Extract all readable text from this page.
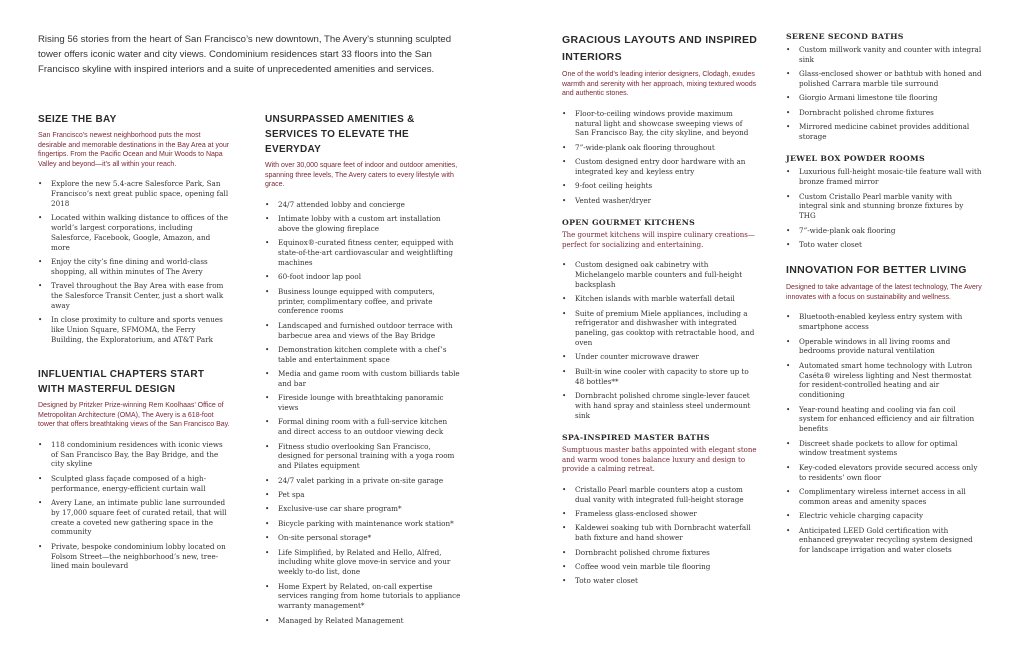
Rising 56 stories from the heart of San Francisco’s new downtown, The Avery’s stunning sculpted tower offers iconic water and city views. Condominium residences start 33 floors into the San Francisco skyline with inspired interiors and a suite of unprecedented amenities and services.

SEIZE THE BAY

San Francisco’s newest neighborhood puts the most desirable and memorable destinations in the Bay Area at your fingertips. From the Pacific Ocean and Muir Woods to Napa Valley and beyond—it’s all within your reach.

• Explore the new 5.4-acre Salesforce Park, San Francisco’s next great public space, opening fall 2018
• Located within walking distance to offices of the world’s largest corporations, including Salesforce, Facebook, Google, Amazon, and more
• Enjoy the city’s fine dining and world-class shopping, all within minutes of The Avery
• Travel throughout the Bay Area with ease from the Salesforce Transit Center, just a short walk away
• In close proximity to culture and sports venues like Union Square, SFMOMA, the Ferry Building, the Exploratorium, and AT&T Park
INFLUENTIAL CHAPTERS START WITH MASTERFUL DESIGN

Designed by Pritzker Prize-winning Rem Koolhaas’ Office of Metropolitan Architecture (OMA), The Avery is a 618-foot tower that offers breathtaking views of the San Francisco Bay.

• 118 condominium residences with iconic views of San Francisco Bay, the Bay Bridge, and the city skyline
• Sculpted glass façade composed of a high-performance, energy-efficient curtain wall
• Avery Lane, an intimate public lane surrounded by 17,000 square feet of curated retail, that will create a coveted new gathering space in the community
• Private, bespoke condominium lobby located on Folsom Street—the neighborhood’s new, tree-lined main boulevard
UNSURPASSED AMENITIES & SERVICES TO ELEVATE THE EVERYDAY

With over 30,000 square feet of indoor and outdoor amenities, spanning three levels, The Avery caters to every lifestyle with grace.

• 24/7 attended lobby and concierge
• Intimate lobby with a custom art installation above the glowing fireplace
• Equinox®-curated fitness center, equipped with state-of-the-art cardiovascular and weightlifting machines
• 60-foot indoor lap pool
• Business lounge equipped with computers, printer, complimentary coffee, and private conference rooms
• Landscaped and furnished outdoor terrace with barbecue area and views of the Bay Bridge
• Demonstration kitchen complete with a chef’s table and entertainment space
• Media and game room with custom billiards table and bar
• Fireside lounge with breathtaking panoramic views
• Formal dining room with a full-service kitchen and direct access to an outdoor viewing deck
• Fitness studio overlooking San Francisco, designed for personal training with a yoga room and Pilates equipment
• 24/7 valet parking in a private on-site garage
• Pet spa
• Exclusive-use car share program*
• Bicycle parking with maintenance work station*
• On-site personal storage*
• Life Simplified, by Related and Hello, Alfred, including white glove move-in service and your weekly to-do list, done
• Home Expert by Related, on-call expertise services ranging from home tutorials to appliance warranty management*
• Managed by Related Management
GRACIOUS LAYOUTS AND INSPIRED INTERIORS

One of the world’s leading interior designers, Clodagh, exudes warmth and serenity with her approach, mixing textured woods and authentic stones.

• Floor-to-ceiling windows provide maximum natural light and showcase sweeping views of San Francisco Bay, the city skyline, and beyond
• 7”-wide-plank oak flooring throughout
• Custom designed entry door hardware with an integrated key and keyless entry
• 9-foot ceiling heights
• Vented washer/dryer
OPEN GOURMET KITCHENS

The gourmet kitchens will inspire culinary creations—perfect for socializing and entertaining.

• Custom designed oak cabinetry with Michelangelo marble counters and full-height backsplash
• Kitchen islands with marble waterfall detail
• Suite of premium Miele appliances, including a refrigerator and dishwasher with integrated paneling, gas cooktop with retractable hood, and oven
• Under counter microwave drawer
• Built-in wine cooler with capacity to store up to 48 bottles**
• Dornbracht polished chrome single-lever faucet with hand spray and stainless steel undermount sink
SPA-INSPIRED MASTER BATHS

Sumptuous master baths appointed with elegant stone and warm wood tones balance luxury and design to provide a calming retreat.

• Cristallo Pearl marble counters atop a custom dual vanity with integrated full-height storage
• Frameless glass-enclosed shower
• Kaldewei soaking tub with Dornbracht waterfall bath fixture and hand shower
• Dornbracht polished chrome fixtures
• Coffee wood vein marble tile flooring
• Toto water closet
SERENE SECOND BATHS
• Custom millwork vanity and counter with integral sink
• Glass-enclosed shower or bathtub with honed and polished Carrara marble tile surround
• Giorgio Armani limestone tile flooring
• Dornbracht polished chrome fixtures
• Mirrored medicine cabinet provides additional storage
JEWEL BOX POWDER ROOMS
• Luxurious full-height mosaic-tile feature wall with bronze framed mirror
• Custom Cristallo Pearl marble vanity with integral sink and stunning bronze fixtures by THG
• 7”-wide-plank oak flooring
• Toto water closet
INNOVATION FOR BETTER LIVING

Designed to take advantage of the latest technology, The Avery innovates with a focus on sustainability and wellness.

• Bluetooth-enabled keyless entry system with smartphone access
• Operable windows in all living rooms and bedrooms provide natural ventilation
• Automated smart home technology with Lutron Caséta® wireless lighting and Nest thermostat for resident-controlled heating and air conditioning
• Year-round heating and cooling via fan coil system for enhanced efficiency and air filtration benefits
• Discreet shade pockets to allow for optimal window treatment systems
• Key-coded elevators provide secured access only to residents’ own floor
• Complimentary wireless internet access in all common areas and amenity spaces
• Electric vehicle charging capacity
• Anticipated LEED Gold certification with enhanced greywater recycling system designed for landscape irrigation and water closets
